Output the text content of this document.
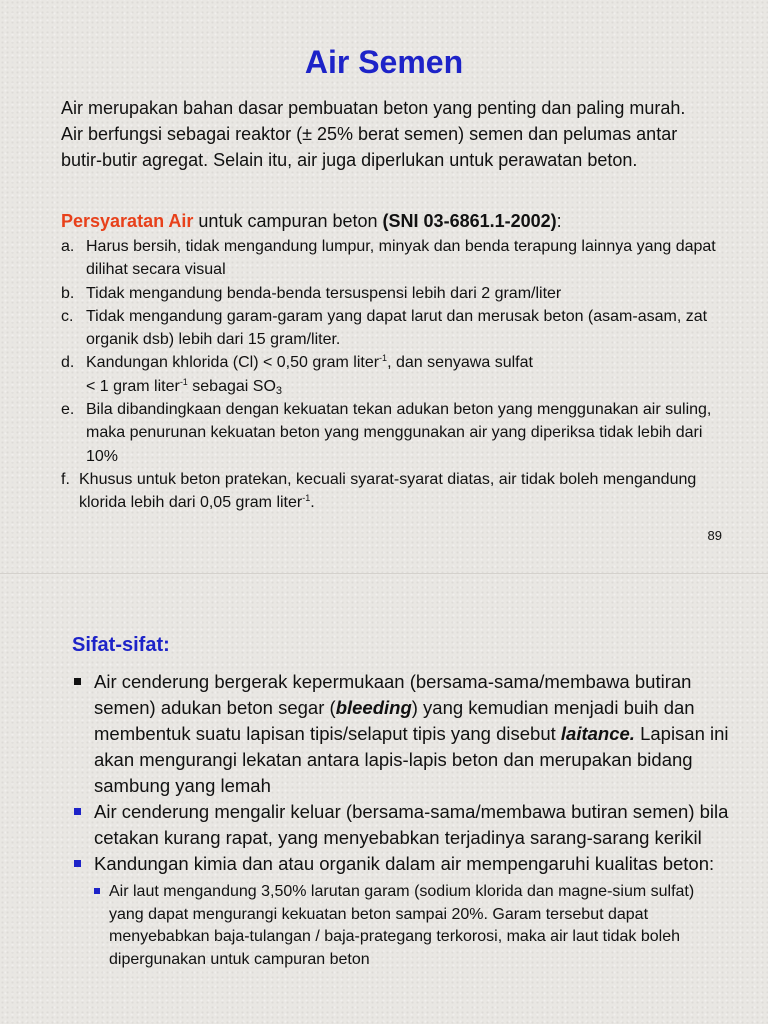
Air Semen

Air merupakan bahan dasar pembuatan beton yang penting dan paling murah. Air berfungsi sebagai reaktor (± 25% berat semen) semen dan pelumas antar butir-butir agregat. Selain itu, air juga diperlukan untuk perawatan beton.

Persyaratan Air untuk campuran beton (SNI 03-6861.1-2002):

a. Harus bersih, tidak mengandung lumpur, minyak dan benda terapung lainnya yang dapat dilihat secara visual
b. Tidak mengandung benda-benda tersuspensi lebih dari 2 gram/liter
c. Tidak mengandung garam-garam yang dapat larut dan merusak beton (asam-asam, zat organik dsb) lebih dari 15 gram/liter.
d. Kandungan khlorida (Cl) < 0,50 gram liter$^{-1}$, dan senyawa sulfat
< 1 gram liter$^{-1}$ sebagai $SO_3$
e. Bila dibandingkaan dengan kekuatan tekan adukan beton yang menggunakan air suling, maka penurunan kekuatan beton yang menggunakan air yang diperiksa tidak lebih dari 10%
f. Khusus untuk beton pratekan, kecuali syarat-syarat diatas, air tidak boleh mengandung klorida lebih dari 0,05 gram liter$^{-1}$.
89
Sifat-sifat:
Air cenderung bergerak kepermukaan (bersama-sama/membawa butiran semen) adukan beton segar (bleeding) yang kemudian menjadi buih dan membentuk suatu lapisan tipis/selaput tipis yang disebut laitance. Lapisan ini akan mengurangi lekatan antara lapis-lapis beton dan merupakan bidang sambung yang lemah
Air cenderung mengalir keluar (bersama-sama/membawa butiran semen) bila cetakan kurang rapat, yang menyebabkan terjadinya sarang-sarang kerikil
Kandungan kimia dan atau organik dalam air mempengaruhi kualitas beton:
Air laut mengandung 3,50% larutan garam (sodium klorida dan magne-sium sulfat) yang dapat mengurangi kekuatan beton sampai 20%. Garam tersebut dapat menyebabkan baja-tulangan / baja-prategang terkorosi, maka air laut tidak boleh dipergunakan untuk campuran beton
